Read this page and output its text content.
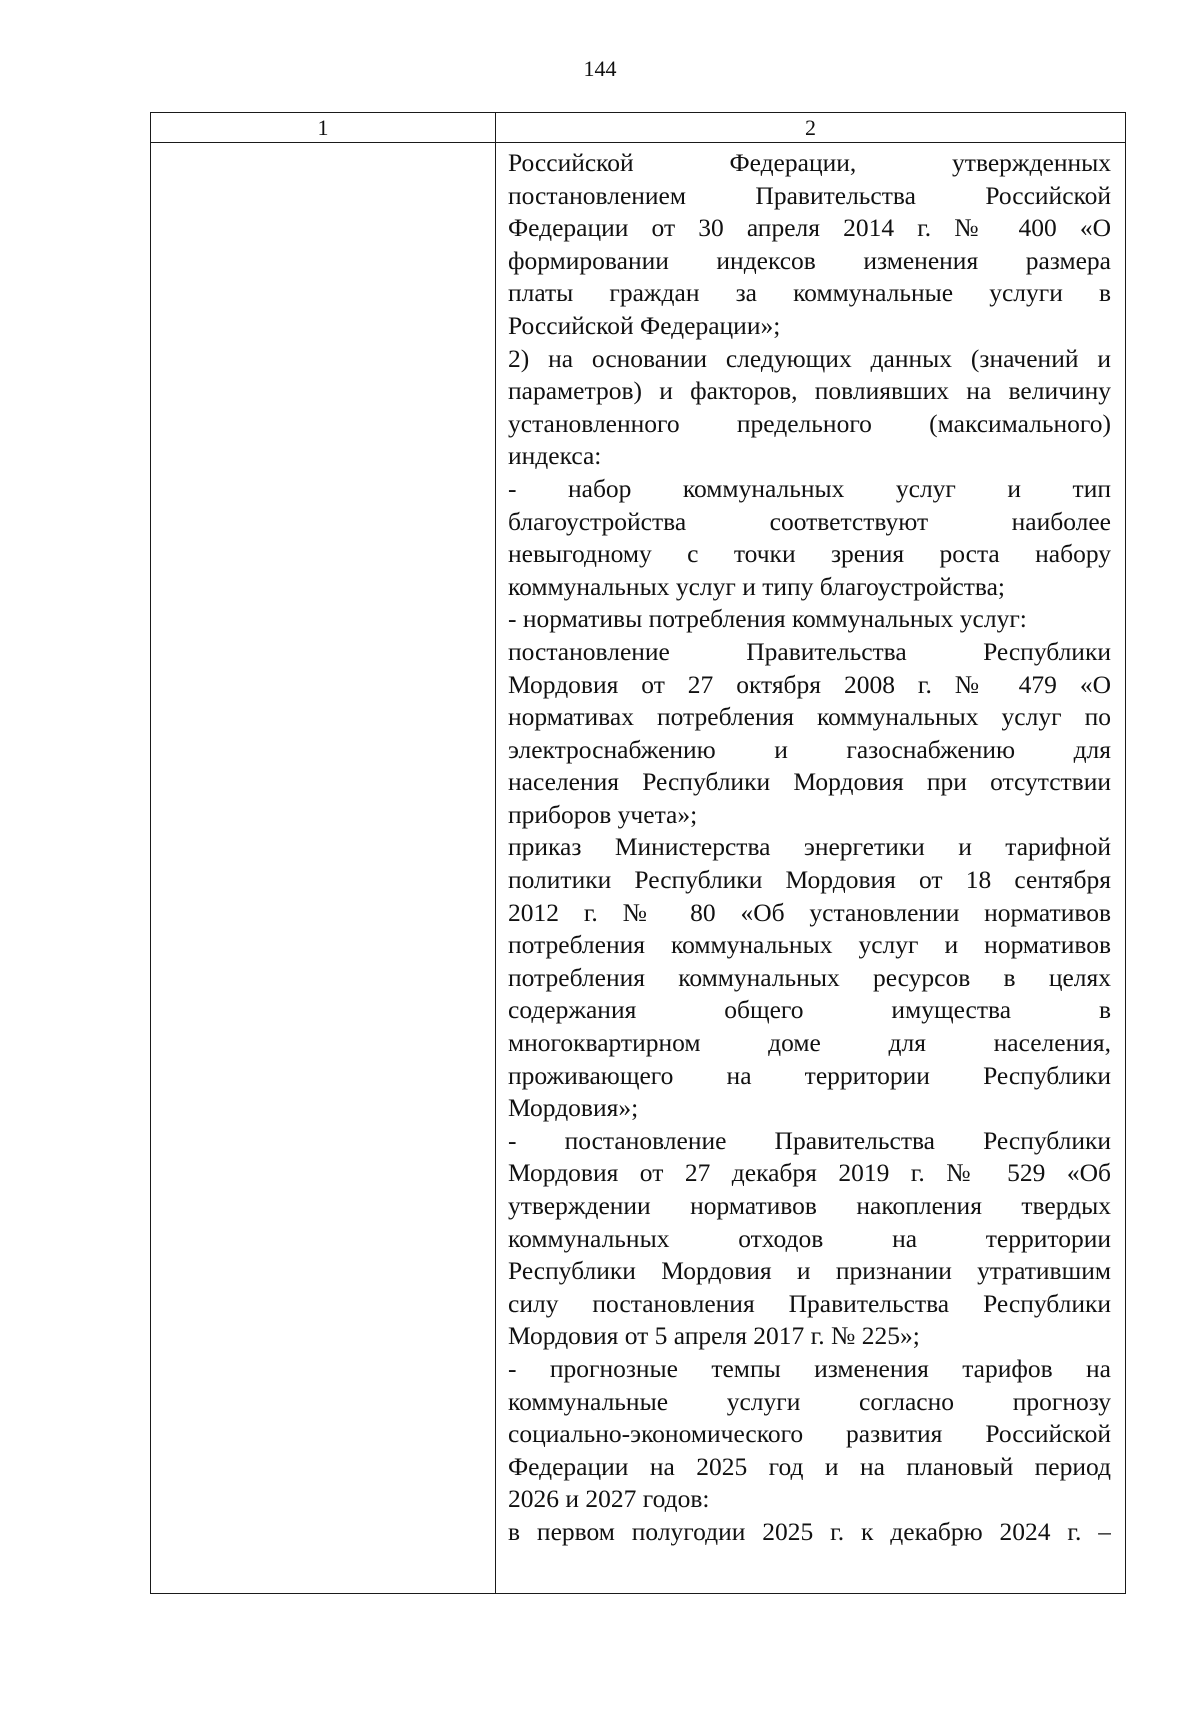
144
1	2
Российской Федерации, утвержденных
постановлением Правительства Российской
Федерации от 30 апреля 2014 г. № 400 «О
формировании индексов изменения размера
платы граждан за коммунальные услуги в
Российской Федерации»;
2) на основании следующих данных (значений и
параметров) и факторов, повлиявших на величину
установленного предельного (максимального)
индекса:
- набор коммунальных услуг и тип
благоустройства соответствуют наиболее
невыгодному с точки зрения роста набору
коммунальных услуг и типу благоустройства;
- нормативы потребления коммунальных услуг:
постановление Правительства Республики
Мордовия от 27 октября 2008 г. № 479 «О
нормативах потребления коммунальных услуг по
электроснабжению и газоснабжению для
населения Республики Мордовия при отсутствии
приборов учета»;
приказ Министерства энергетики и тарифной
политики Республики Мордовия от 18 сентября
2012 г. № 80 «Об установлении нормативов
потребления коммунальных услуг и нормативов
потребления коммунальных ресурсов в целях
содержания общего имущества в
многоквартирном доме для населения,
проживающего на территории Республики
Мордовия»;
- постановление Правительства Республики
Мордовия от 27 декабря 2019 г. № 529 «Об
утверждении нормативов накопления твердых
коммунальных отходов на территории
Республики Мордовия и признании утратившим
силу постановления Правительства Республики
Мордовия от 5 апреля 2017 г. № 225»;
- прогнозные темпы изменения тарифов на
коммунальные услуги согласно прогнозу
социально-экономического развития Российской
Федерации на 2025 год и на плановый период
2026 и 2027 годов:
в первом полугодии 2025 г. к декабрю 2024 г. –
